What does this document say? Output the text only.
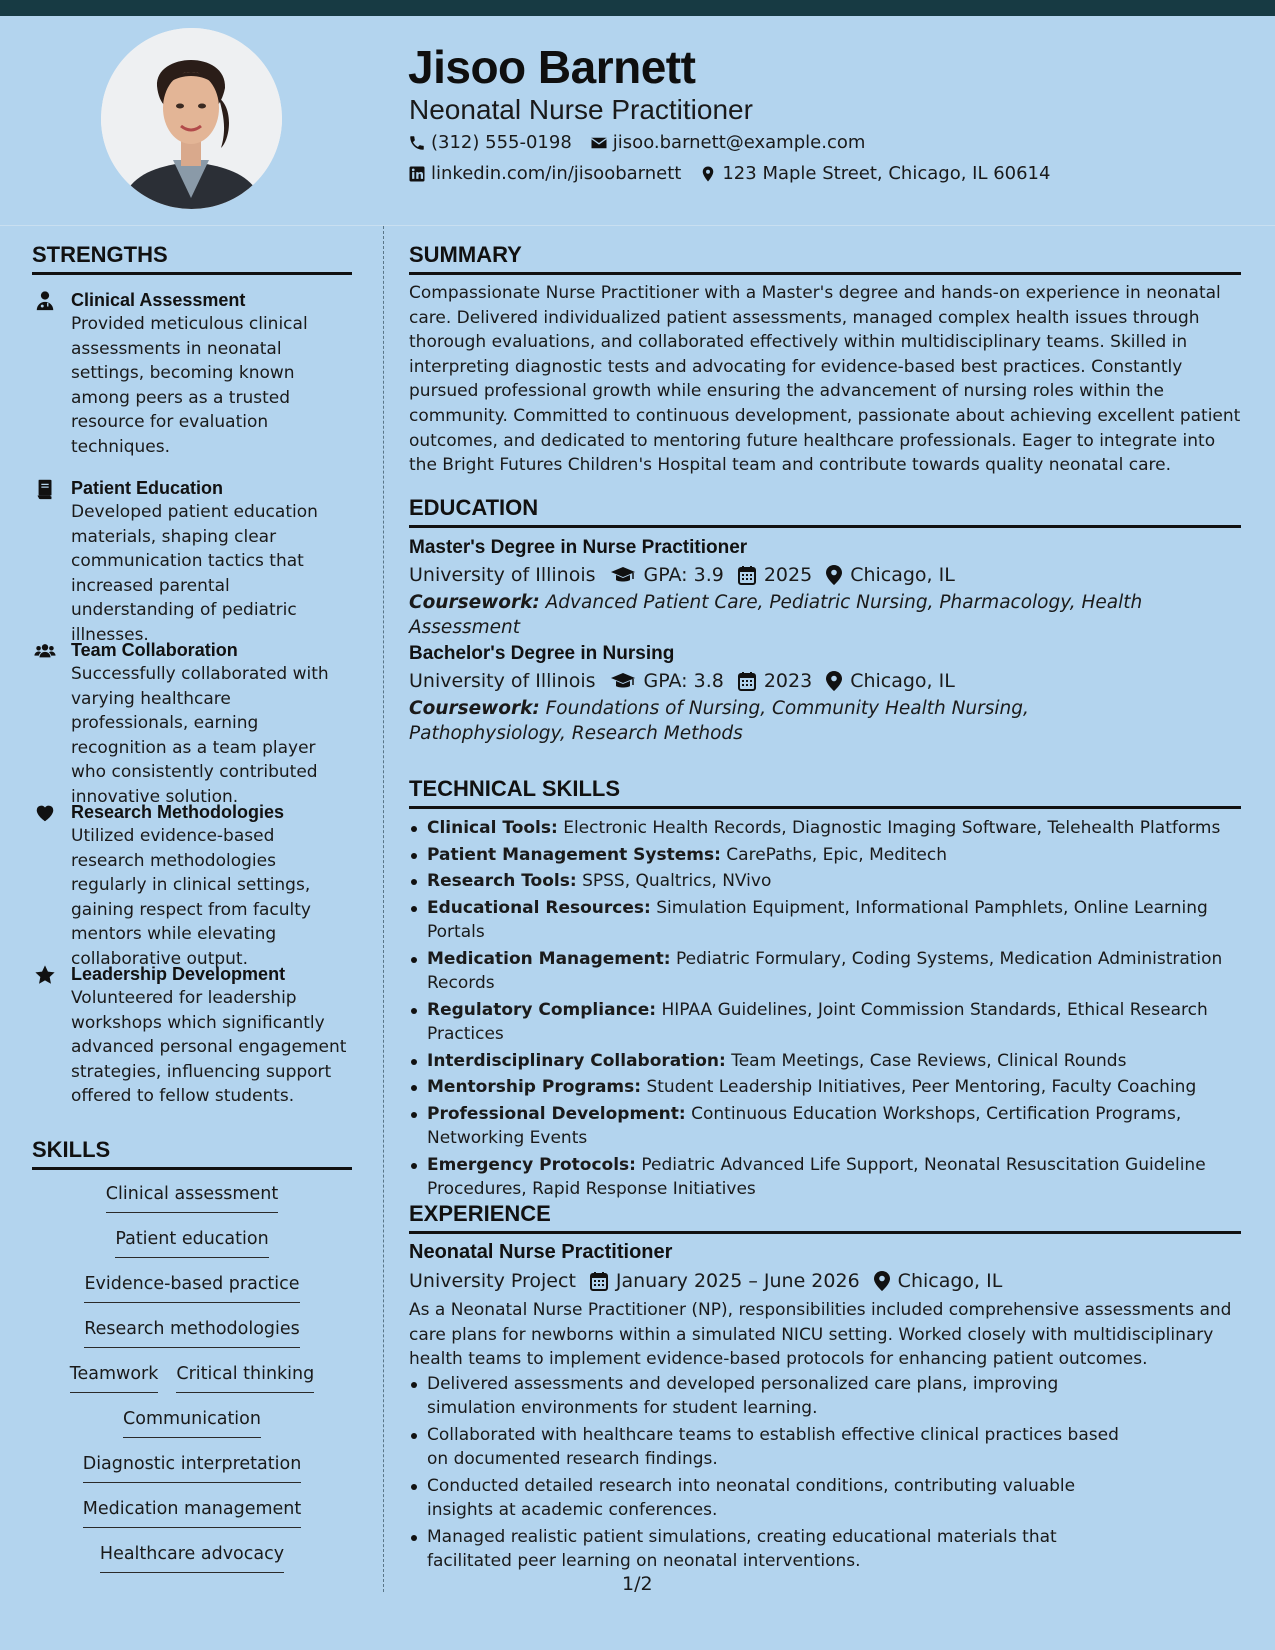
Jisoo Barnett
Neonatal Nurse Practitioner
(312) 555-0198 jisoo.barnett@example.com
linkedin.com/in/jisoobarnett 123 Maple Street, Chicago, IL 60614
STRENGTHS
Clinical Assessment
Provided meticulous clinical assessments in neonatal settings, becoming known among peers as a trusted resource for evaluation techniques.
Patient Education
Developed patient education materials, shaping clear communication tactics that increased parental understanding of pediatric illnesses.
Team Collaboration
Successfully collaborated with varying healthcare professionals, earning recognition as a team player who consistently contributed innovative solution.
Research Methodologies
Utilized evidence-based research methodologies regularly in clinical settings, gaining respect from faculty mentors while elevating collaborative output.
Leadership Development
Volunteered for leadership workshops which significantly advanced personal engagement strategies, influencing support offered to fellow students.
SKILLS
Clinical assessment
Patient education
Evidence-based practice
Research methodologies
Teamwork Critical thinking
Communication
Diagnostic interpretation
Medication management
Healthcare advocacy
SUMMARY
Compassionate Nurse Practitioner with a Master's degree and hands-on experience in neonatal care. Delivered individualized patient assessments, managed complex health issues through thorough evaluations, and collaborated effectively within multidisciplinary teams. Skilled in interpreting diagnostic tests and advocating for evidence-based best practices. Constantly pursued professional growth while ensuring the advancement of nursing roles within the community. Committed to continuous development, passionate about achieving excellent patient outcomes, and dedicated to mentoring future healthcare professionals. Eager to integrate into the Bright Futures Children's Hospital team and contribute towards quality neonatal care.
EDUCATION
Master's Degree in Nurse Practitioner
University of Illinois	GPA: 3.9 2025 Chicago, IL
Coursework: Advanced Patient Care, Pediatric Nursing, Pharmacology, Health Assessment
Bachelor's Degree in Nursing
University of Illinois	GPA: 3.8 2023 Chicago, IL
Coursework: Foundations of Nursing, Community Health Nursing, Pathophysiology, Research Methods
TECHNICAL SKILLS
Clinical Tools: Electronic Health Records, Diagnostic Imaging Software, Telehealth Platforms
Patient Management Systems: CarePaths, Epic, Meditech
Research Tools: SPSS, Qualtrics, NVivo
Educational Resources: Simulation Equipment, Informational Pamphlets, Online Learning Portals
Medication Management: Pediatric Formulary, Coding Systems, Medication Administration Records
Regulatory Compliance: HIPAA Guidelines, Joint Commission Standards, Ethical Research Practices
Interdisciplinary Collaboration: Team Meetings, Case Reviews, Clinical Rounds
Mentorship Programs: Student Leadership Initiatives, Peer Mentoring, Faculty Coaching
Professional Development: Continuous Education Workshops, Certification Programs, Networking Events
Emergency Protocols: Pediatric Advanced Life Support, Neonatal Resuscitation Guideline Procedures, Rapid Response Initiatives
EXPERIENCE
Neonatal Nurse Practitioner
University Project January 2025 – June 2026 Chicago, IL
As a Neonatal Nurse Practitioner (NP), responsibilities included comprehensive assessments and care plans for newborns within a simulated NICU setting. Worked closely with multidisciplinary health teams to implement evidence-based protocols for enhancing patient outcomes.
Delivered assessments and developed personalized care plans, improving simulation environments for student learning.
Collaborated with healthcare teams to establish effective clinical practices based on documented research findings.
Conducted detailed research into neonatal conditions, contributing valuable insights at academic conferences.
Managed realistic patient simulations, creating educational materials that facilitated peer learning on neonatal interventions.
1/2
